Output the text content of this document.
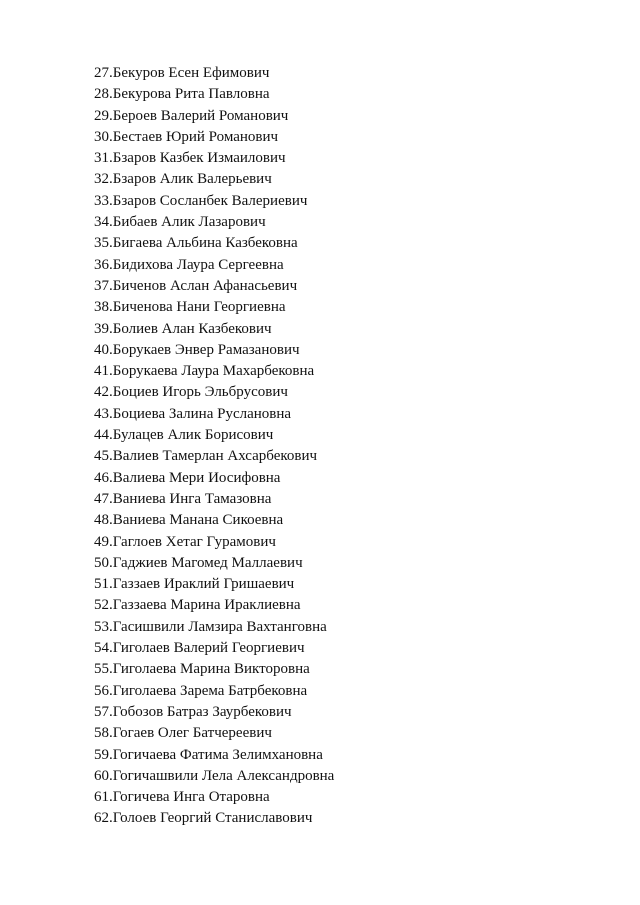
27.Бекуров Есен Ефимович
28.Бекурова Рита Павловна
29.Бероев Валерий Романович
30.Бестаев Юрий Романович
31.Бзаров Казбек Измаилович
32.Бзаров Алик Валерьевич
33.Бзаров Сосланбек Валериевич
34.Бибаев Алик Лазарович
35.Бигаева Альбина Казбековна
36.Бидихова Лаура Сергеевна
37.Биченов Аслан Афанасьевич
38.Биченова Нани Георгиевна
39.Болиев Алан Казбекович
40.Борукаев Энвер Рамазанович
41.Борукаева Лаура Махарбековна
42.Боциев Игорь Эльбрусович
43.Боциева Залина Руслановна
44.Булацев Алик Борисович
45.Валиев Тамерлан Ахсарбекович
46.Валиева Мери Иосифовна
47.Ваниева Инга Тамазовна
48.Ваниева Манана Сикоевна
49.Гаглоев Хетаг Гурамович
50.Гаджиев Магомед Маллаевич
51.Газзаев Ираклий Гришаевич
52.Газзаева Марина Ираклиевна
53.Гасишвили Ламзира Вахтанговна
54.Гиголаев Валерий Георгиевич
55.Гиголаева Марина Викторовна
56.Гиголаева Зарема Батрбековна
57.Гобозов Батраз Заурбекович
58.Гогаев Олег Батчереевич
59.Гогичаева Фатима Зелимхановна
60.Гогичашвили Лела Александровна
61.Гогичева Инга Отаровна
62.Голоев Георгий Станиславович
